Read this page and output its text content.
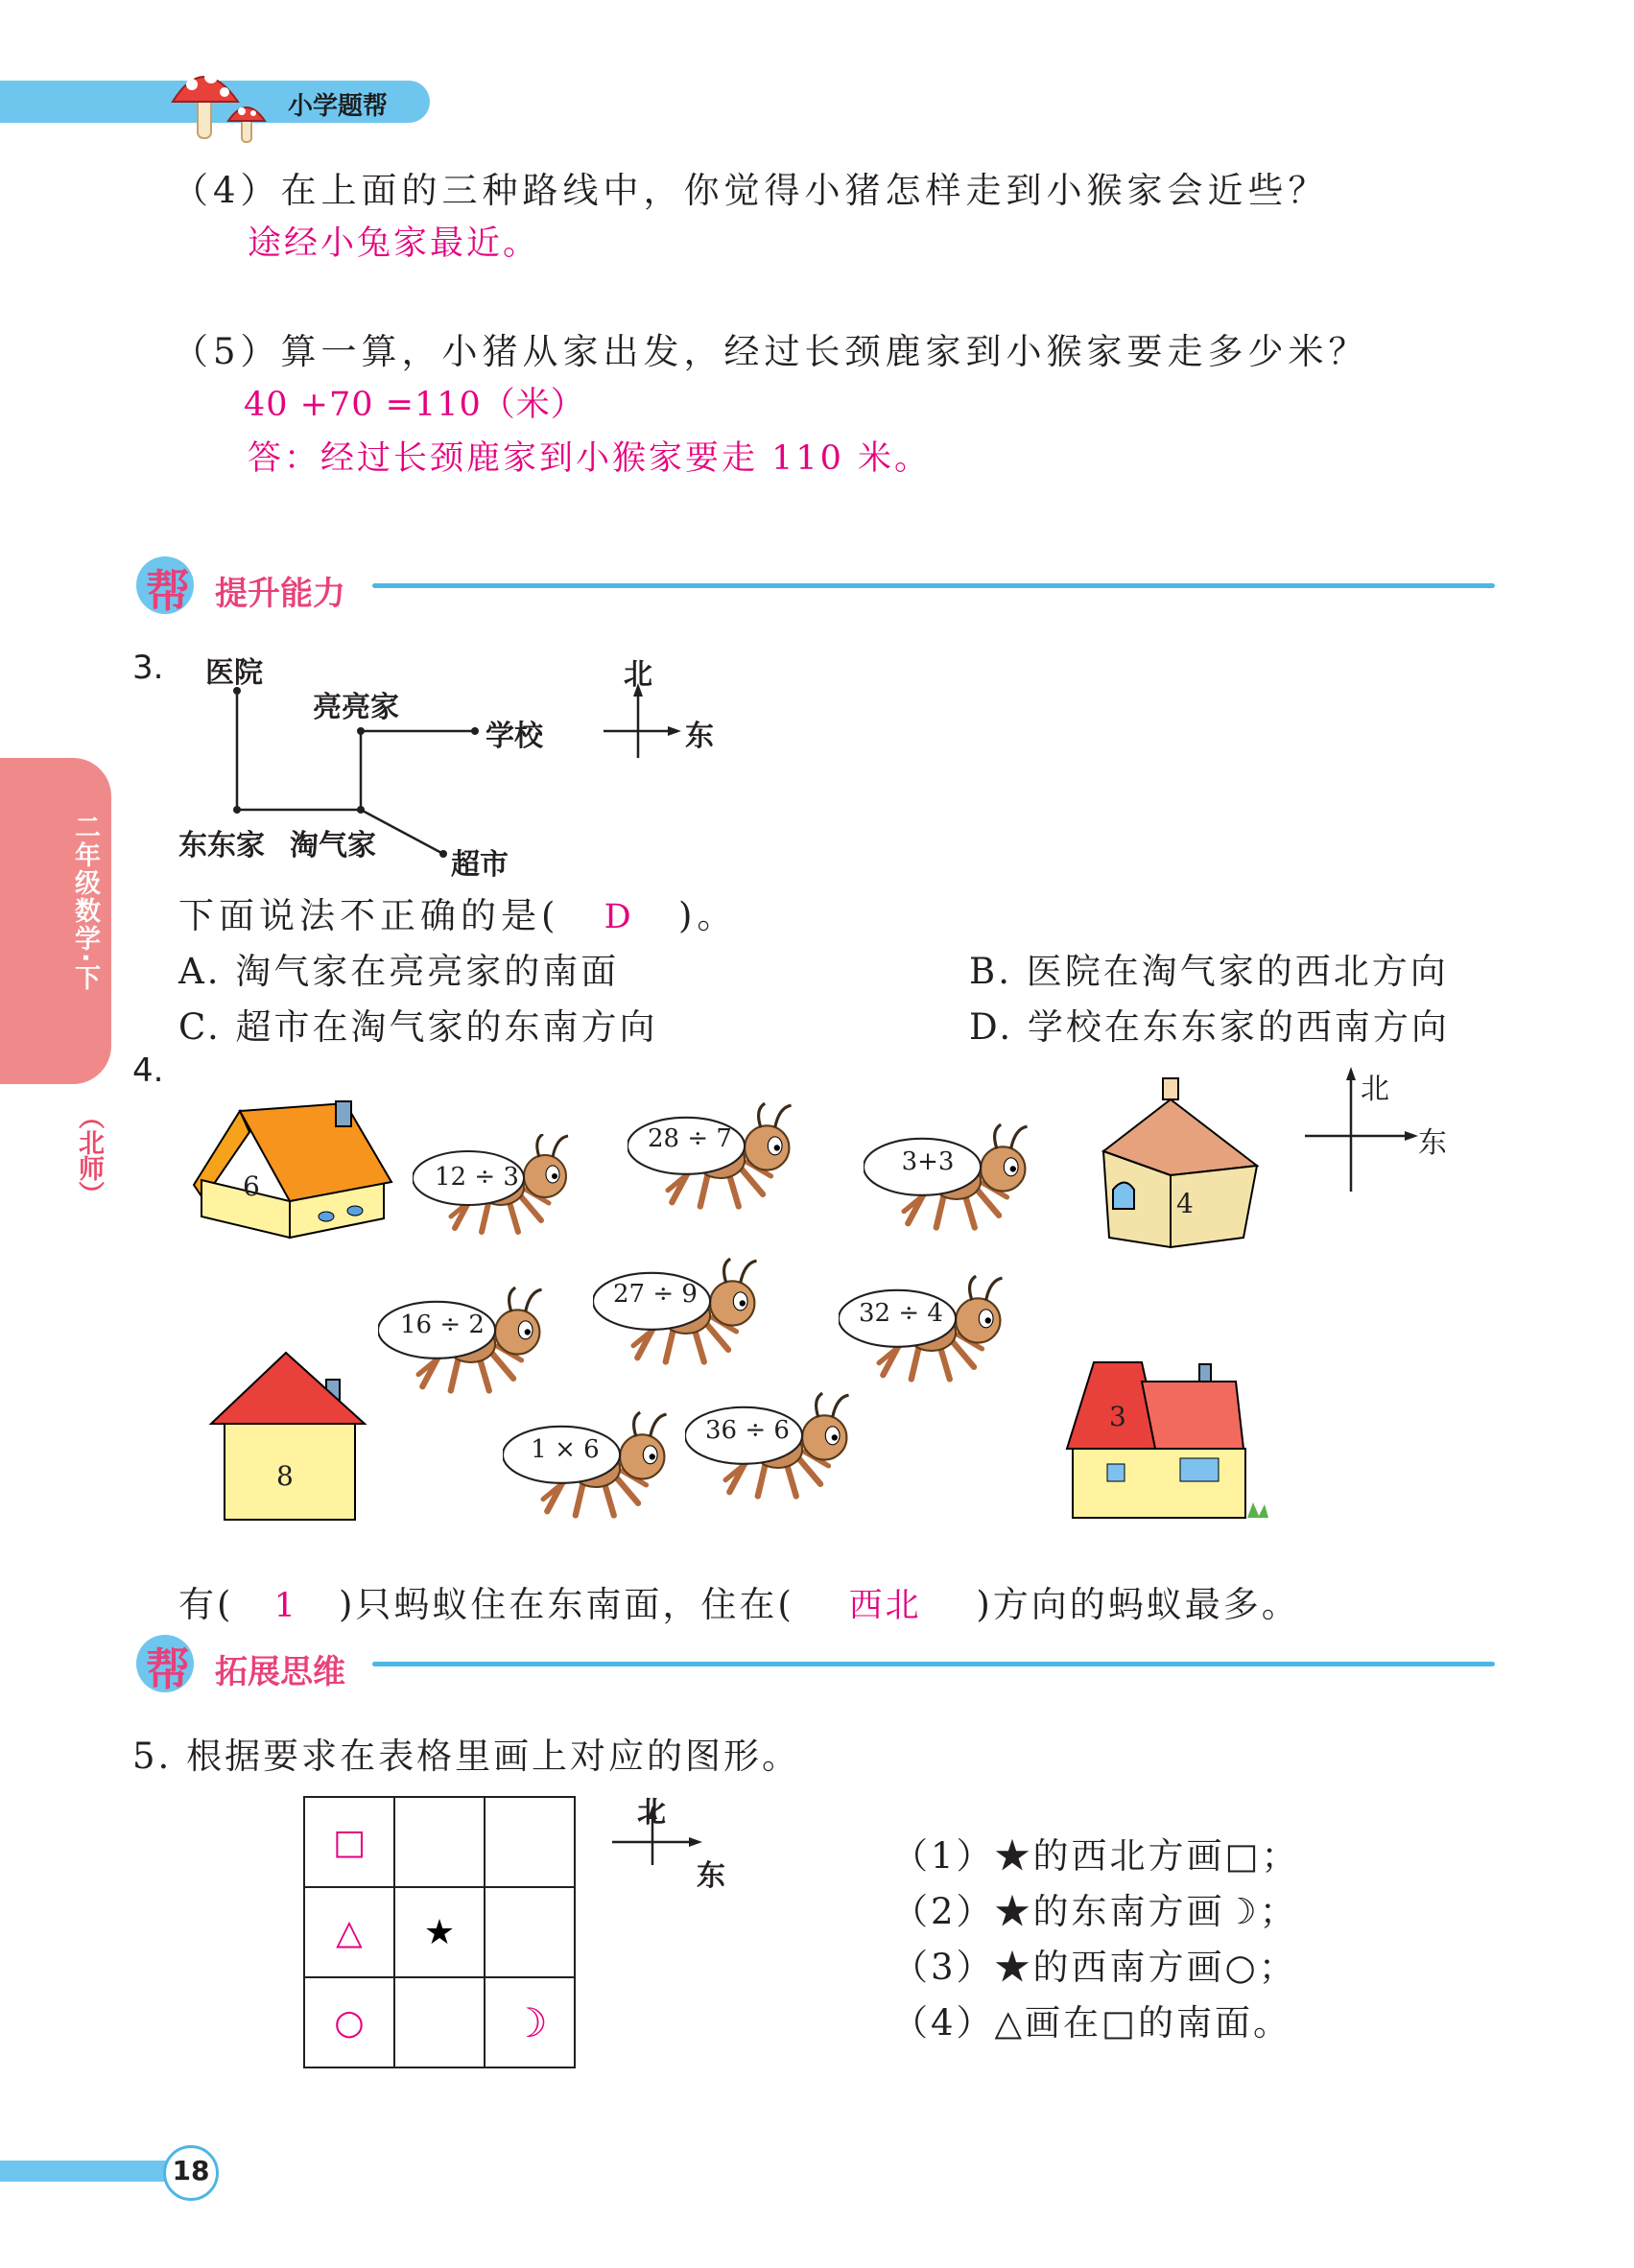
小学题帮
二年级数学·下
（北师）
（4）在上面的三种路线中，你觉得小猪怎样走到小猴家会近些？
途经小兔家最近。
（5）算一算，小猪从家出发，经过长颈鹿家到小猴家要走多少米？
40 +70 =110（米）
答：经过长颈鹿家到小猴家要走 110 米。
帮 提升能力
3. 医院
亮亮家
学校
东东家 淘气家
超市
北
东
下面说法不正确的是( D )。
A. 淘气家在亮亮家的南面	B. 医院在淘气家的西北方向
C. 超市在淘气家的东南方向	D. 学校在东东家的西南方向
4.
6
4
8
3
北
东
12 ÷ 3
28 ÷ 7
3+3
16 ÷ 2
27 ÷ 9
32 ÷ 4
1 × 6
36 ÷ 6
有( 1 )只蚂蚁住在东南面，住在( 西北 )方向的蚂蚁最多。
帮 拓展思维
5. 根据要求在表格里画上对应的图形。
□		
△	★	
○		☽
北
东	（1）★的西北方画□；
（2）★的东南方画☽；
（3）★的西南方画○；
（4）△画在□的南面。
18
